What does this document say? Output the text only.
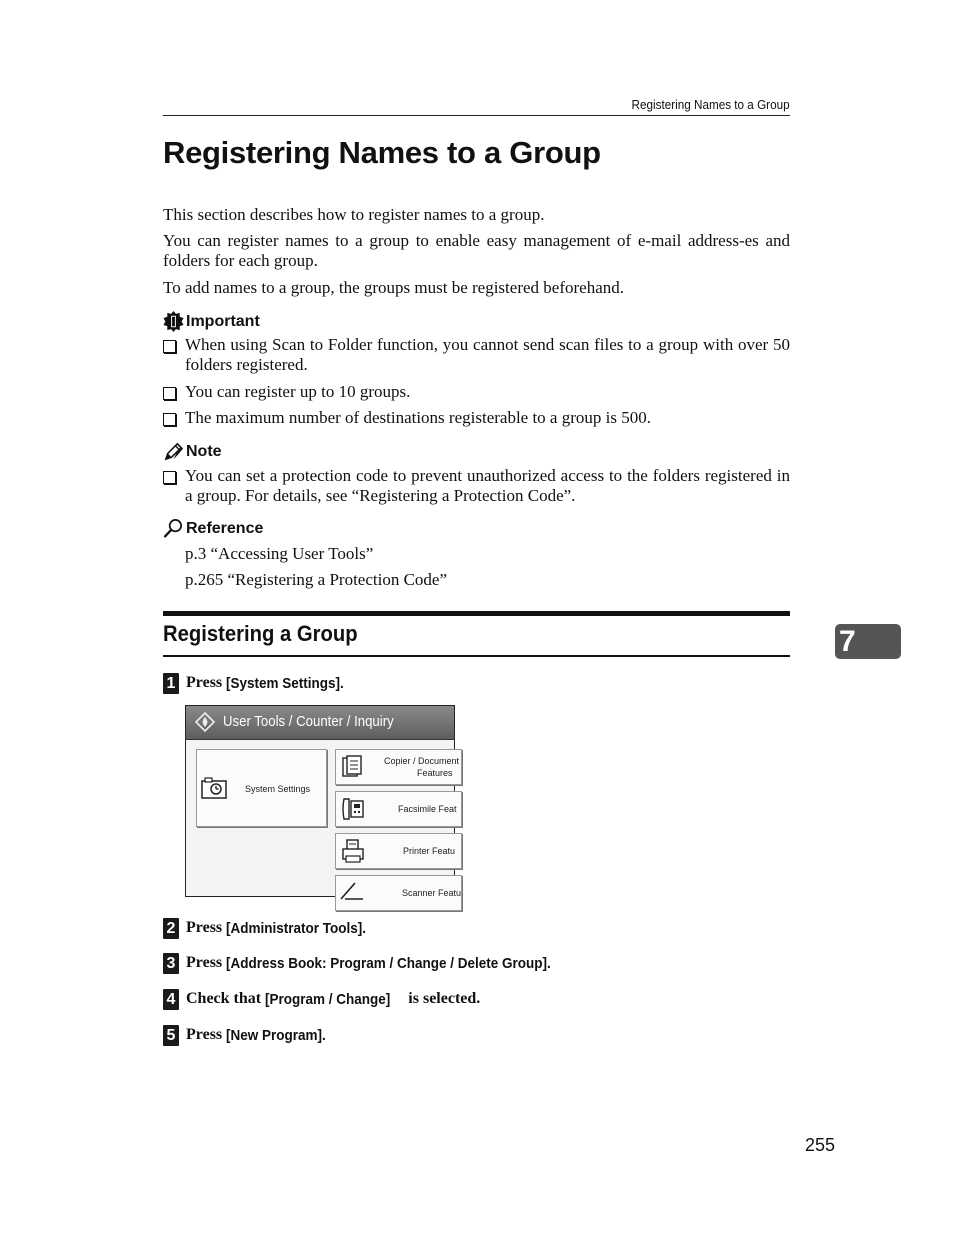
Registering Names to a Group
Registering Names to a Group

This section describes how to register names to a group.

You can register names to a group to enable easy management of e-mail address-es and folders for each group.

To add names to a group, the groups must be registered beforehand.

Important
When using Scan to Folder function, you cannot send scan files to a group with over 50 folders registered.
You can register up to 10 groups.
The maximum number of destinations registerable to a group is 500.
Note
You can set a protection code to prevent unauthorized access to the folders registered in a group. For details, see “Registering a Protection Code”.
Reference
p.3 “Accessing User Tools”
p.265 “Registering a Protection Code”
Registering a Group	7
1 Press
[System Settings].
User Tools / Counter / Inquiry
System Settings
Copier / Document
Features
Facsimile Feat
Printer Featu
Scanner Featu
2 Press
[Administrator Tools].
3 Press
[Address Book: Program / Change / Delete Group].
4 Check that
[Program / Change]
is selected.
5 Press
[New Program].
255
